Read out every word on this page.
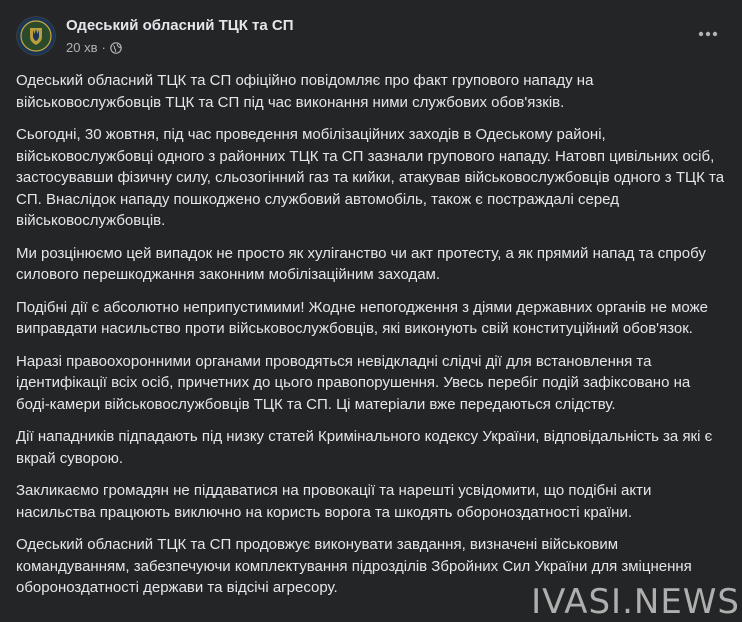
Одеський обласний ТЦК та СП
20 хв ·

Одеський обласний ТЦК та СП офіційно повідомляє про факт групового нападу на військовослужбовців ТЦК та СП під час виконання ними службових обов'язків.

Сьогодні, 30 жовтня, під час проведення мобілізаційних заходів в Одеському районі, військовослужбовці одного з районних ТЦК та СП зазнали групового нападу. Натовп цивільних осіб, застосувавши фізичну силу, сльозогінний газ та кийки, атакував військовослужбовців одного з ТЦК та СП. Внаслідок нападу пошкоджено службовий автомобіль, також є постраждалі серед військовослужбовців.

Ми розцінюємо цей випадок не просто як хуліганство чи акт протесту, а як прямий напад та спробу силового перешкоджання законним мобілізаційним заходам.

Подібні дії є абсолютно неприпустимими! Жодне непогодження з діями державних органів не може виправдати насильство проти військовослужбовців, які виконують свій конституційний обов'язок.

Наразі правоохоронними органами проводяться невідкладні слідчі дії для встановлення та ідентифікації всіх осіб, причетних до цього правопорушення. Увесь перебіг подій зафіксовано на боді-камери військовослужбовців ТЦК та СП. Ці матеріали вже передаються слідству.

Дії нападників підпадають під низку статей Кримінального кодексу України, відповідальність за які є вкрай суворою.

Закликаємо громадян не піддаватися на провокації та нарешті усвідомити, що подібні акти насильства працюють виключно на користь ворога та шкодять обороноздатності країни.

Одеський обласний ТЦК та СП продовжує виконувати завдання, визначені військовим командуванням, забезпечуючи комплектування підрозділів Збройних Сил України для зміцнення обороноздатності держави та відсічі агресору.	IVASI.NEWS
